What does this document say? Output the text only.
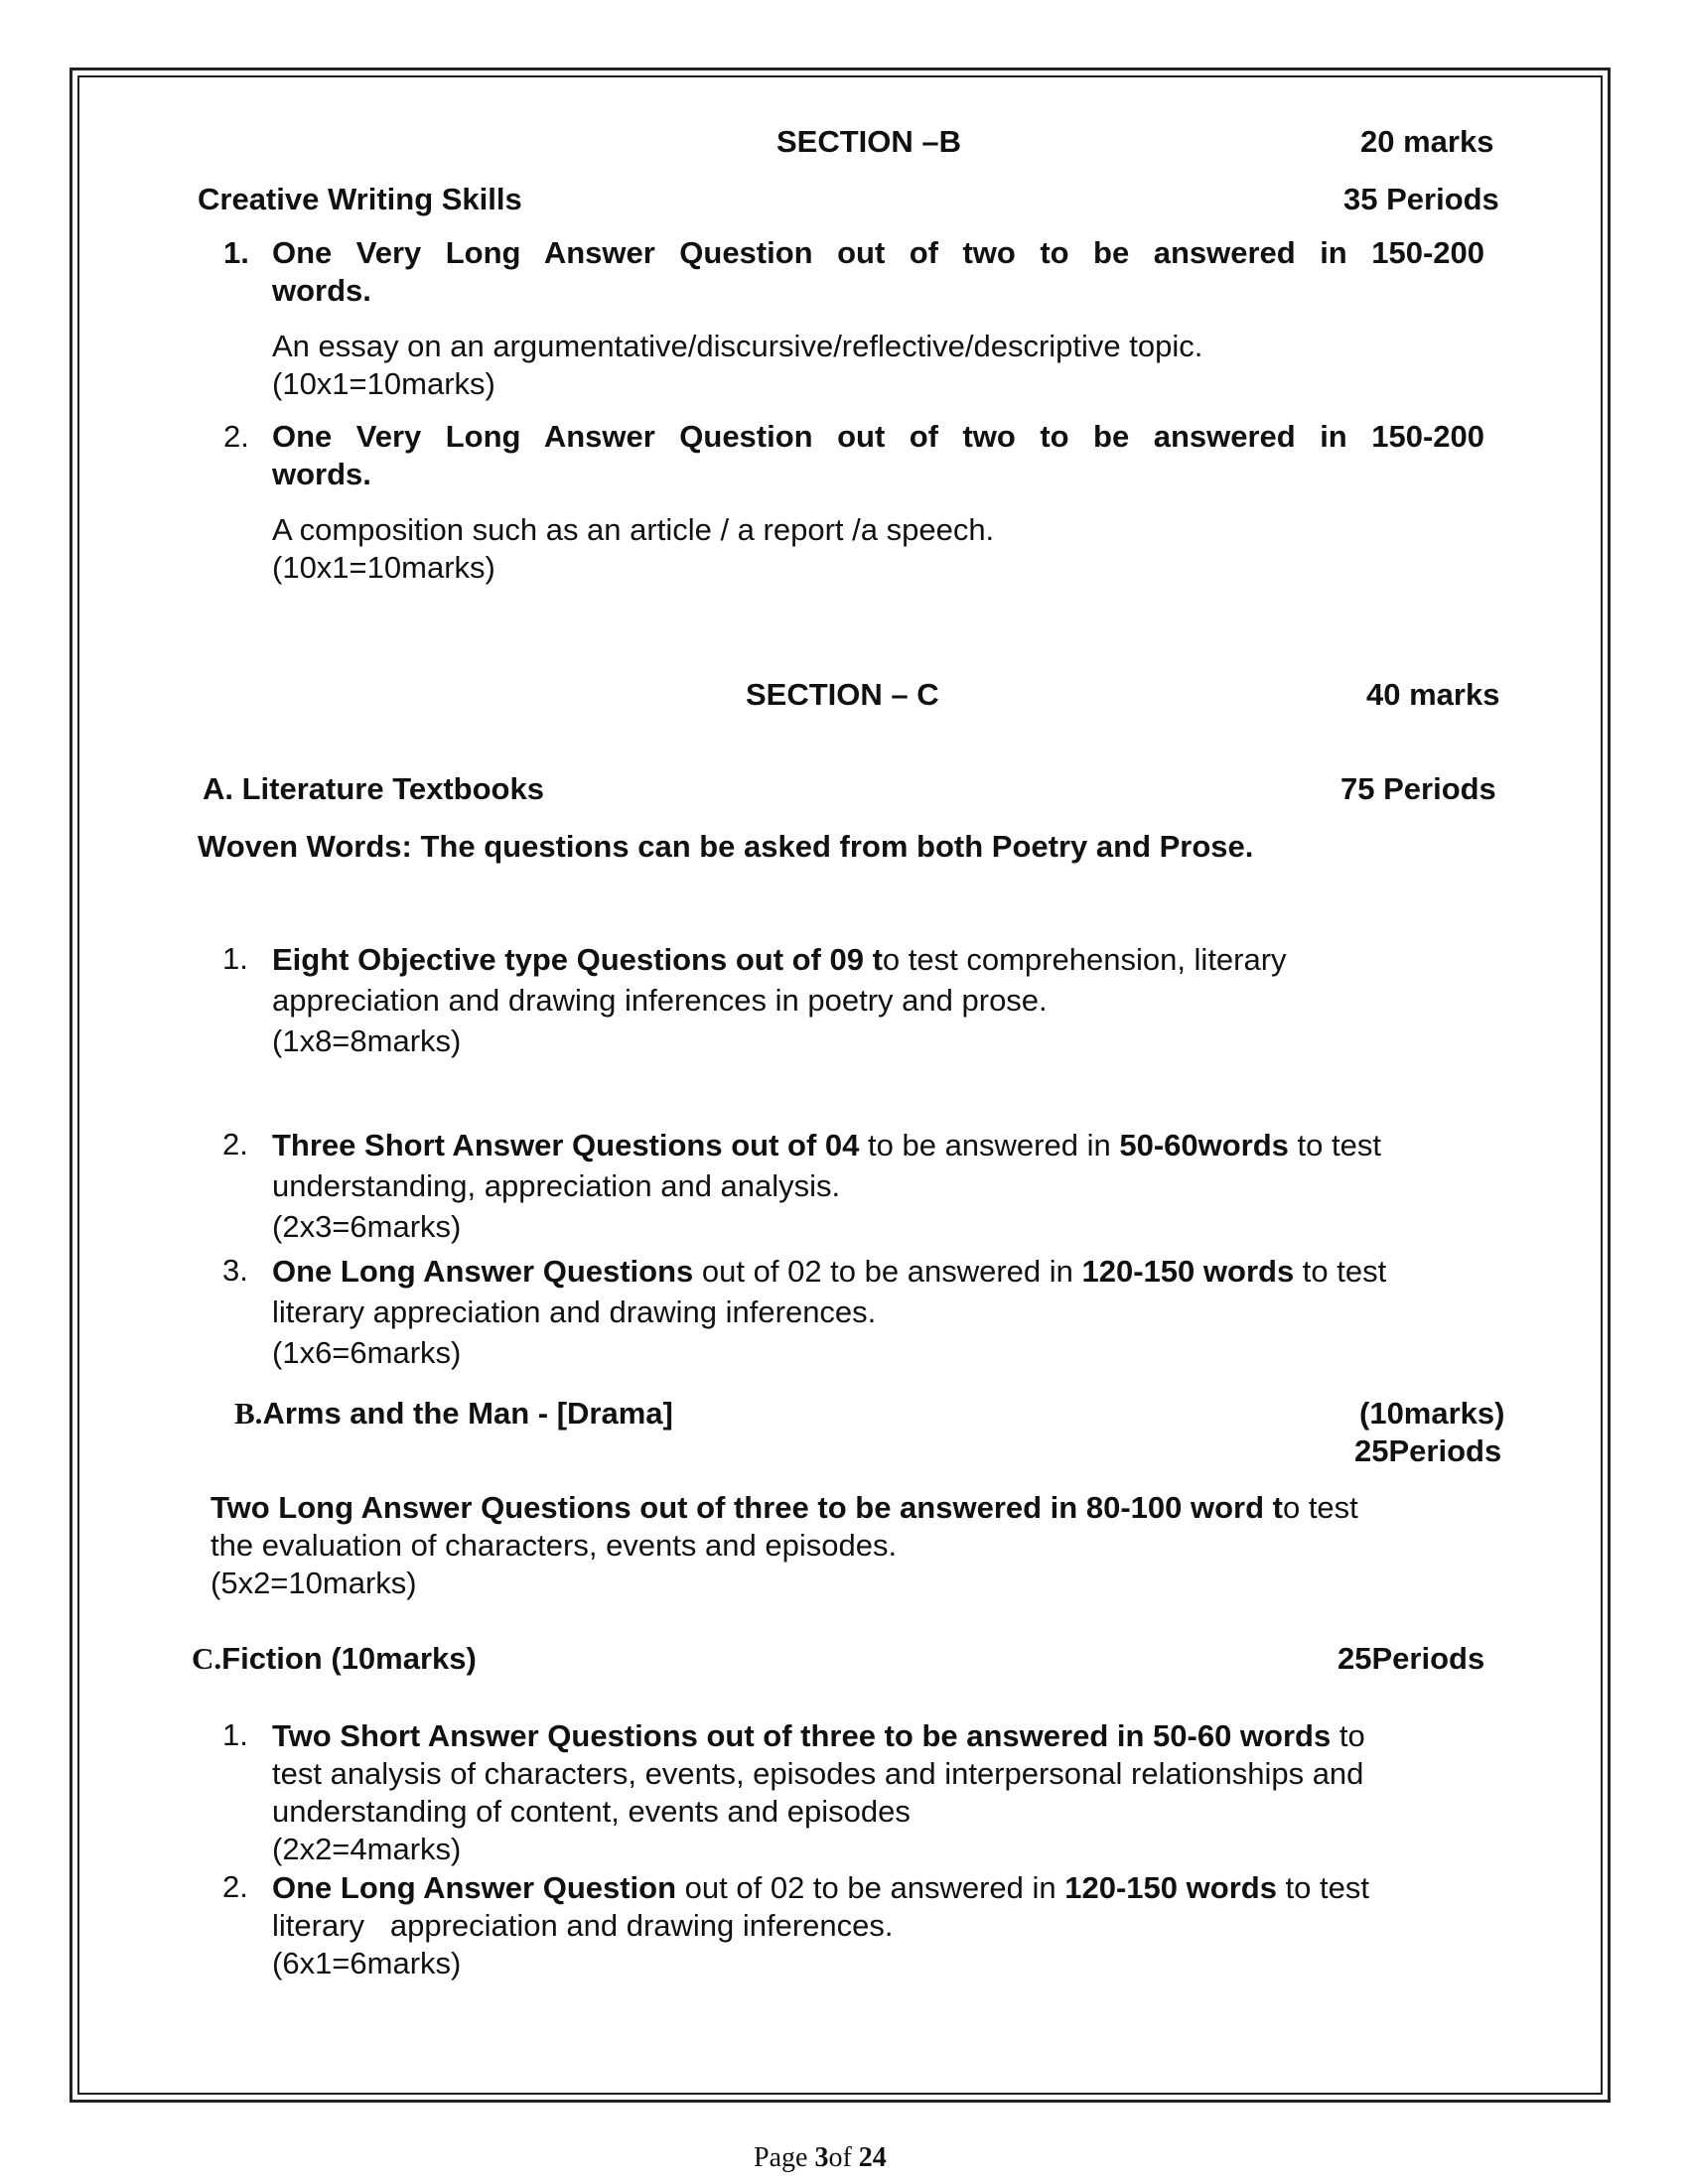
SECTION –B	20 marks
Creative Writing Skills	35 Periods
1. One Very Long Answer Question out of two to be answered in 150-200
words.
An essay on an argumentative/discursive/reflective/descriptive topic.
(10x1=10marks)
2. One Very Long Answer Question out of two to be answered in 150-200
words.
A composition such as an article / a report /a speech.
(10x1=10marks)
SECTION – C	40 marks
A. Literature Textbooks	75 Periods
Woven Words: The questions can be asked from both Poetry and Prose.
1. Eight Objective type Questions out of 09 to test comprehension, literary
appreciation and drawing inferences in poetry and prose.
(1x8=8marks)
2. Three Short Answer Questions out of 04 to be answered in 50-60words to test
understanding, appreciation and analysis.
(2x3=6marks)
3. One Long Answer Questions out of 02 to be answered in 120-150 words to test
literary appreciation and drawing inferences.
(1x6=6marks)
B.Arms and the Man - [Drama]	(10marks)
25Periods
Two Long Answer Questions out of three to be answered in 80-100 word to test
the evaluation of characters, events and episodes.
(5x2=10marks)
C.Fiction (10marks)	25Periods
1. Two Short Answer Questions out of three to be answered in 50-60 words to
test analysis of characters, events, episodes and interpersonal relationships and
understanding of content, events and episodes
(2x2=4marks)
2. One Long Answer Question out of 02 to be answered in 120-150 words to test
literary   appreciation and drawing inferences.
(6x1=6marks)
Page 3of 24
